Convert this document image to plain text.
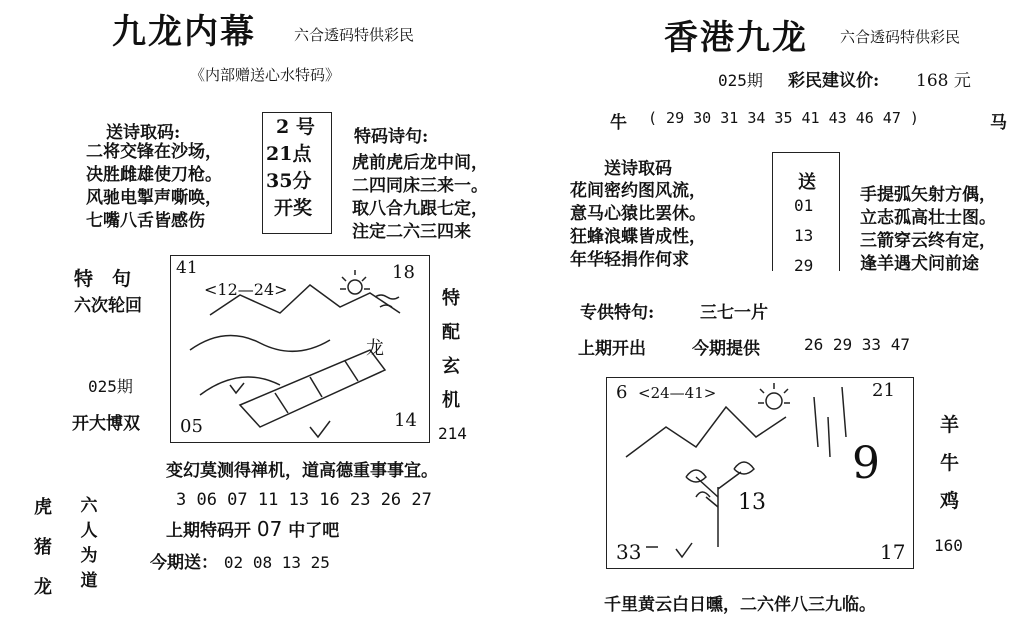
九龙内幕	六合透码特供彩民
《内部赠送心水特码》
送诗取码:
二将交锋在沙场，
决胜雌雄使刀枪。
风驰电掣声嘶唤，
七嘴八舌皆感伤
2 号
21点
35分
开奖
特码诗句:
虎前虎后龙中间，
二四同床三来一。
取八合九跟七定，
注定二六三四来
特　句
六次轮回
025期
开大博双
41
<12—24>
18
龙
05	14
特配玄机
214
变幻莫测得禅机，道高德重事事宜。
3 06 07 11 13 16 23 26 27
上期特码开 07 中了吧
今期送： 02 08 13 25
虎猪龙
六人为道
香港九龙 六合透码特供彩民
025期 彩民建议价: 168 元
牛 ( 29 30 31 34 35 41 43 46 47 )	马
送诗取码
花间密约图风流，
意马心猿比罢休。
狂蜂浪蝶皆成性，
年华轻捐作何求
送
01
13
29
手提弧矢射方偶，
立志孤高壮士图。
三箭穿云终有定，
逢羊遇犬问前途
专供特句:	三七一片
上期开出	今期提供	26 29 33 47
6 <24—41>	21
9
13
33	17
羊
牛
鸡
160
千里黄云白日曛，二六伴八三九临。
